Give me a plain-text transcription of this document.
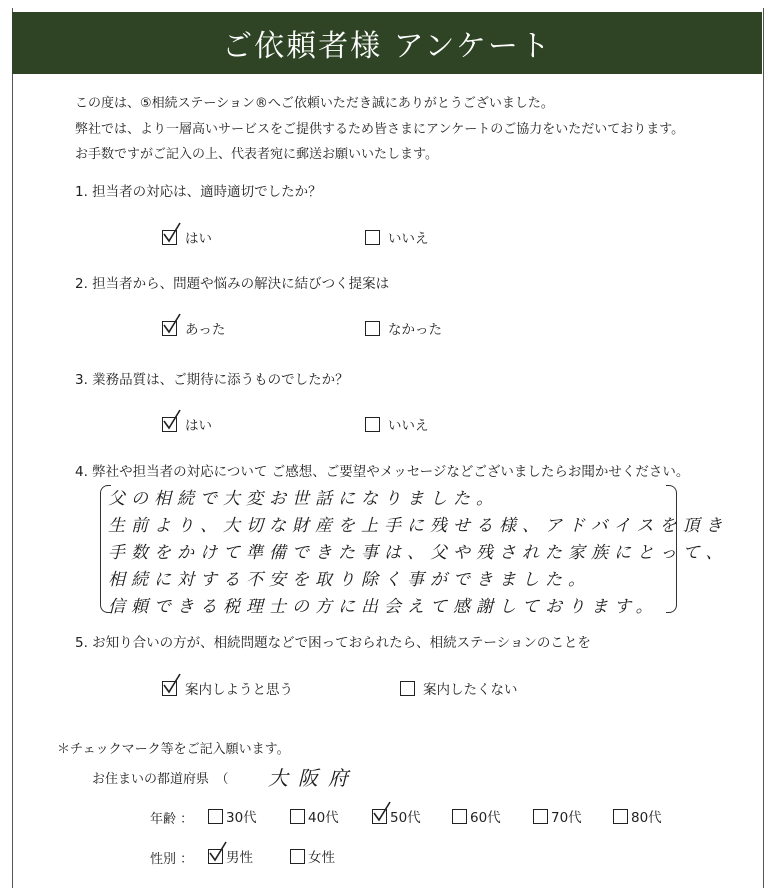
ご依頼者様 アンケート
この度は、⑤相続ステーション®へご依頼いただき誠にありがとうございました。
弊社では、より一層高いサービスをご提供するため皆さまにアンケートのご協力をいただいております。
お手数ですがご記入の上、代表者宛に郵送お願いいたします。
1. 担当者の対応は、適時適切でしたか？
はい	いいえ
2. 担当者から、問題や悩みの解決に結びつく提案は
あった	なかった
3. 業務品質は、ご期待に添うものでしたか？
はい	いいえ
4. 弊社や担当者の対応について ご感想、ご要望やメッセージなどございましたらお聞かせください。
父の相続で大変お世話になりました。
生前より、大切な財産を上手に残せる様、アドバイスを頂き
手数をかけて準備できた事は、父や残された家族にとって、
相続に対する不安を取り除く事ができました。
信頼できる税理士の方に出会えて感謝しております。
5. お知り合いの方が、相続問題などで困っておられたら、相続ステーションのことを
案内しようと思う	案内したくない
＊チェックマーク等をご記入願います。
お住まいの都道府県　（ 大阪府
年齢 ： 30代	40代	50代	60代	70代	80代
性別 ： 男性	女性
